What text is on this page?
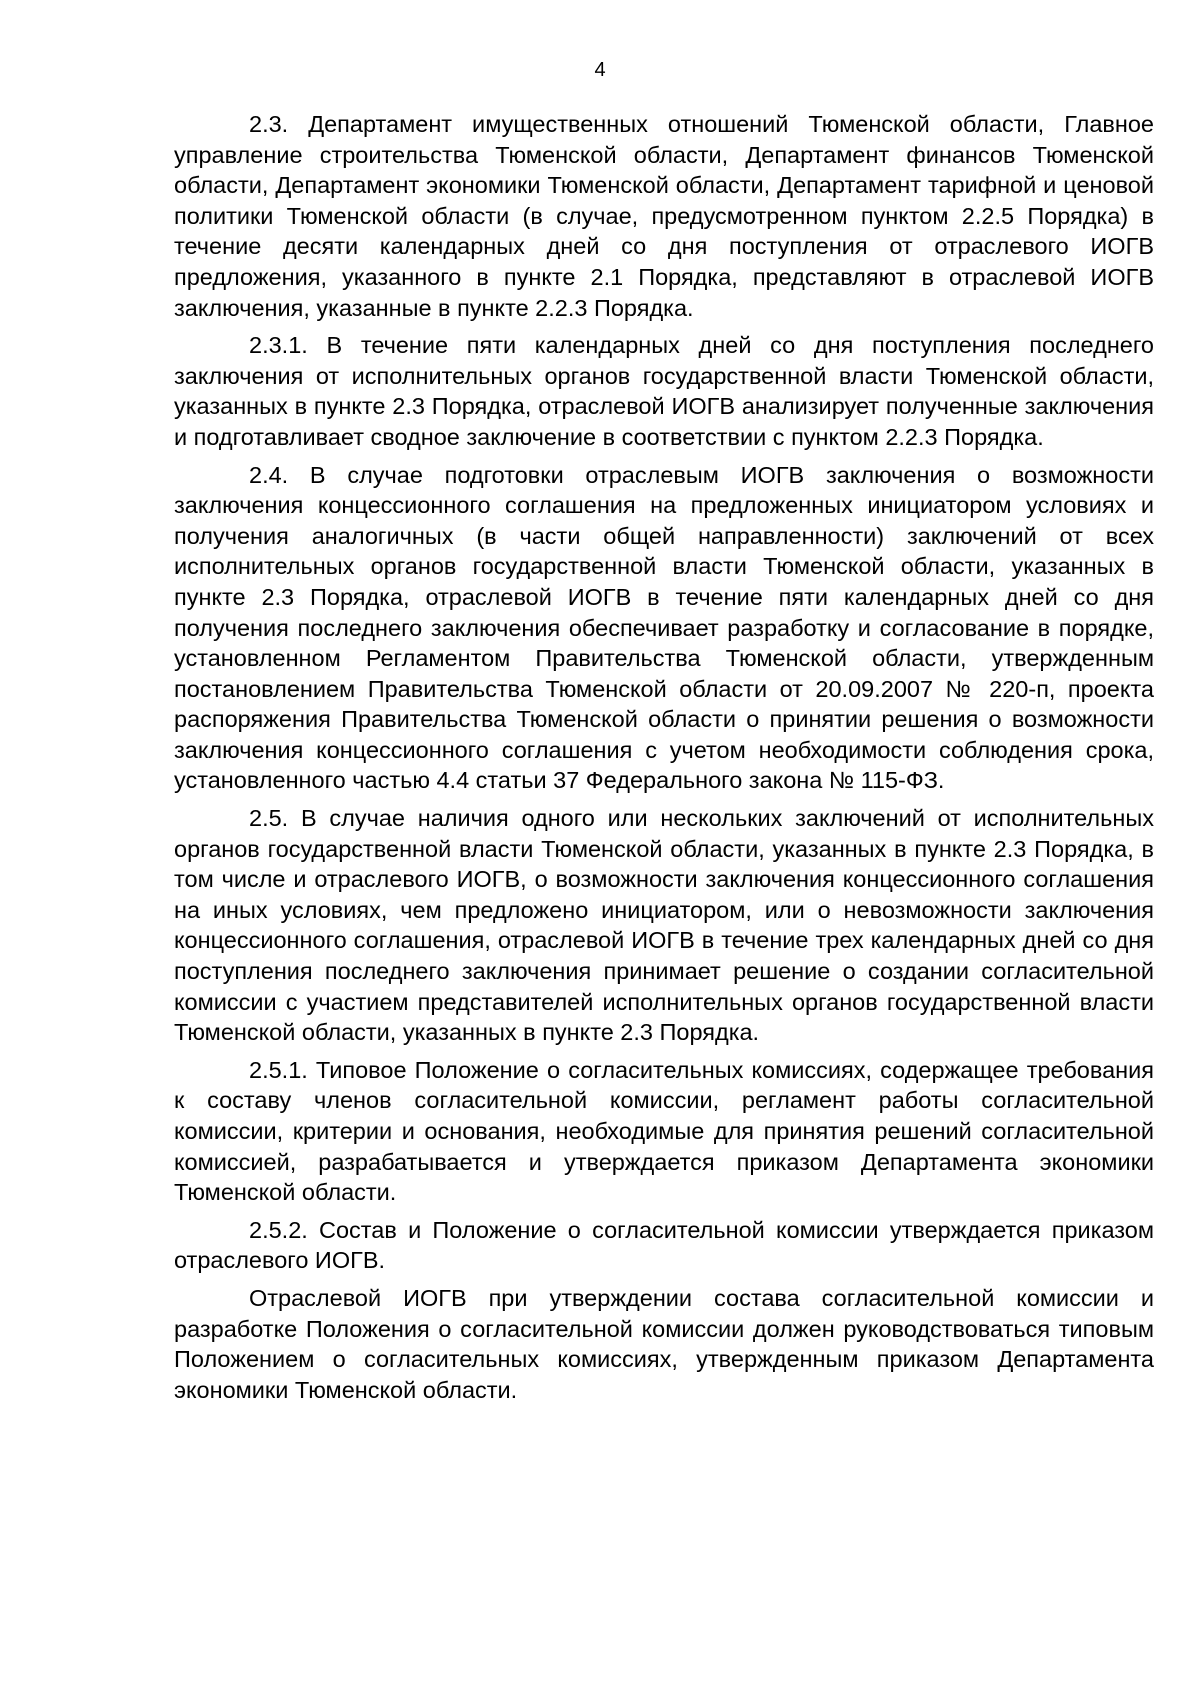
4

2.3. Департамент имущественных отношений Тюменской области, Главное управление строительства Тюменской области, Департамент финансов Тюменской области, Департамент экономики Тюменской области, Департамент тарифной и ценовой политики Тюменской области (в случае, предусмотренном пунктом 2.2.5 Порядка) в течение десяти календарных дней со дня поступления от отраслевого ИОГВ предложения, указанного в пункте 2.1 Порядка, представляют в отраслевой ИОГВ заключения, указанные в пункте 2.2.3 Порядка.

2.3.1. В течение пяти календарных дней со дня поступления последнего заключения от исполнительных органов государственной власти Тюменской области, указанных в пункте 2.3 Порядка, отраслевой ИОГВ анализирует полученные заключения и подготавливает сводное заключение в соответствии с пунктом 2.2.3 Порядка.

2.4. В случае подготовки отраслевым ИОГВ заключения о возможности заключения концессионного соглашения на предложенных инициатором условиях и получения аналогичных (в части общей направленности) заключений от всех исполнительных органов государственной власти Тюменской области, указанных в пункте 2.3 Порядка, отраслевой ИОГВ в течение пяти календарных дней со дня получения последнего заключения обеспечивает разработку и согласование в порядке, установленном Регламентом Правительства Тюменской области, утвержденным постановлением Правительства Тюменской области от 20.09.2007 № 220-п, проекта распоряжения Правительства Тюменской области о принятии решения о возможности заключения концессионного соглашения с учетом необходимости соблюдения срока, установленного частью 4.4 статьи 37 Федерального закона № 115-ФЗ.

2.5. В случае наличия одного или нескольких заключений от исполнительных органов государственной власти Тюменской области, указанных в пункте 2.3 Порядка, в том числе и отраслевого ИОГВ, о возможности заключения концессионного соглашения на иных условиях, чем предложено инициатором, или о невозможности заключения концессионного соглашения, отраслевой ИОГВ в течение трех календарных дней со дня поступления последнего заключения принимает решение о создании согласительной комиссии с участием представителей исполнительных органов государственной власти Тюменской области, указанных в пункте 2.3 Порядка.

2.5.1. Типовое Положение о согласительных комиссиях, содержащее требования к составу членов согласительной комиссии, регламент работы согласительной комиссии, критерии и основания, необходимые для принятия решений согласительной комиссией, разрабатывается и утверждается приказом Департамента экономики Тюменской области.

2.5.2. Состав и Положение о согласительной комиссии утверждается приказом отраслевого ИОГВ.

Отраслевой ИОГВ при утверждении состава согласительной комиссии и разработке Положения о согласительной комиссии должен руководствоваться типовым Положением о согласительных комиссиях, утвержденным приказом Департамента экономики Тюменской области.
